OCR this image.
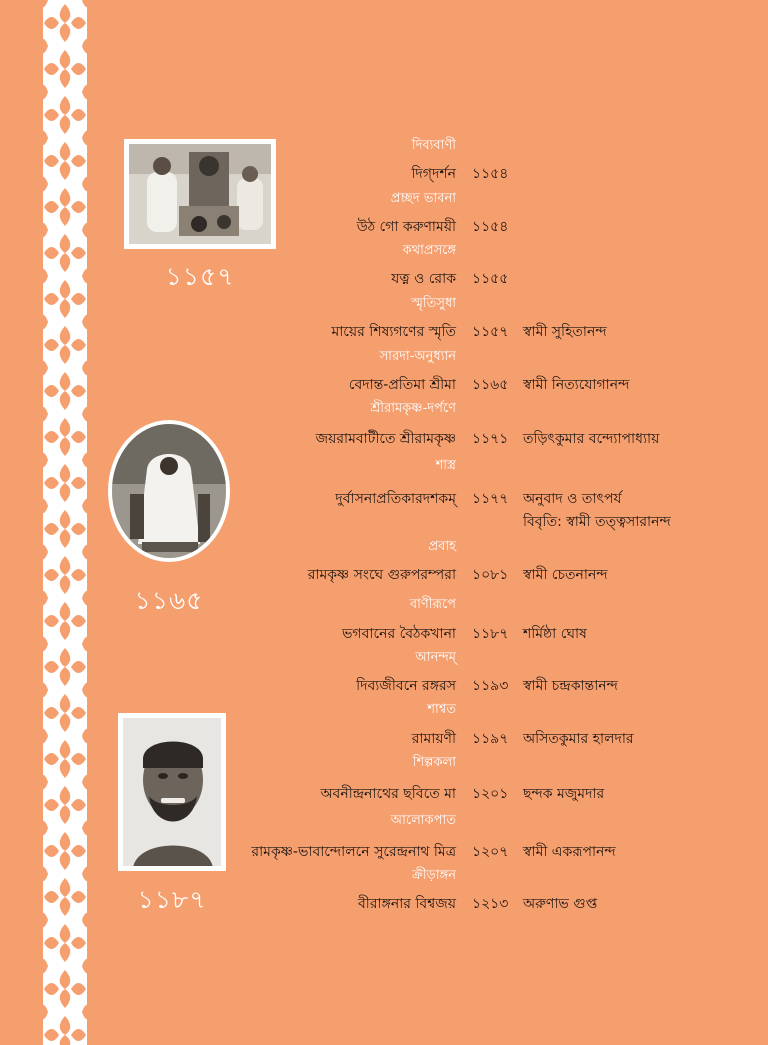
১১৫৭
১১৬৫
১১৮৭
দিব্যবাণী
দিগ্‌দর্শন ১১৫৪
প্রচ্ছদ ভাবনা
উঠ গো করুণাময়ী ১১৫৪
কথাপ্রসঙ্গে
যত্ন ও রোক ১১৫৫
স্মৃতিসুধা
মায়ের শিষ্যগণের স্মৃতি ১১৫৭ স্বামী সুহিতানন্দ
সারদা-অনুধ্যান
বেদান্ত-প্রতিমা শ্রীমা ১১৬৫ স্বামী নিত্যযোগানন্দ
শ্রীরামকৃষ্ণ-দর্পণে
জয়রামবাটীতে শ্রীরামকৃষ্ণ ১১৭১ তড়িৎকুমার বন্দ্যোপাধ্যায়
শাস্ত্র
দুর্বাসনাপ্রতিকারদশকম্‌ ১১৭৭ অনুবাদ ও তাৎপর্য
বিবৃতি: স্বামী তত্ত্বসারানন্দ
প্রবাহ
রামকৃষ্ণ সংঘে গুরুপরম্পরা ১০৮১ স্বামী চেতনানন্দ
বাণীরূপে
ভগবানের বৈঠকখানা ১১৮৭ শর্মিষ্ঠা ঘোষ
আনন্দম্‌
দিব্যজীবনে রঙ্গরস ১১৯৩ স্বামী চন্দ্রকান্তানন্দ
শাশ্বত
রামায়ণী ১১৯৭ অসিতকুমার হালদার
শিল্পকলা
অবনীন্দ্রনাথের ছবিতে মা ১২০১ ছন্দক মজুমদার
আলোকপাত
রামকৃষ্ণ-ভাবান্দোলনে সুরেন্দ্রনাথ মিত্র ১২০৭ স্বামী একরূপানন্দ
ক্রীড়াঙ্গন
বীরাঙ্গনার বিশ্বজয় ১২১৩ অরুণাভ গুপ্ত
